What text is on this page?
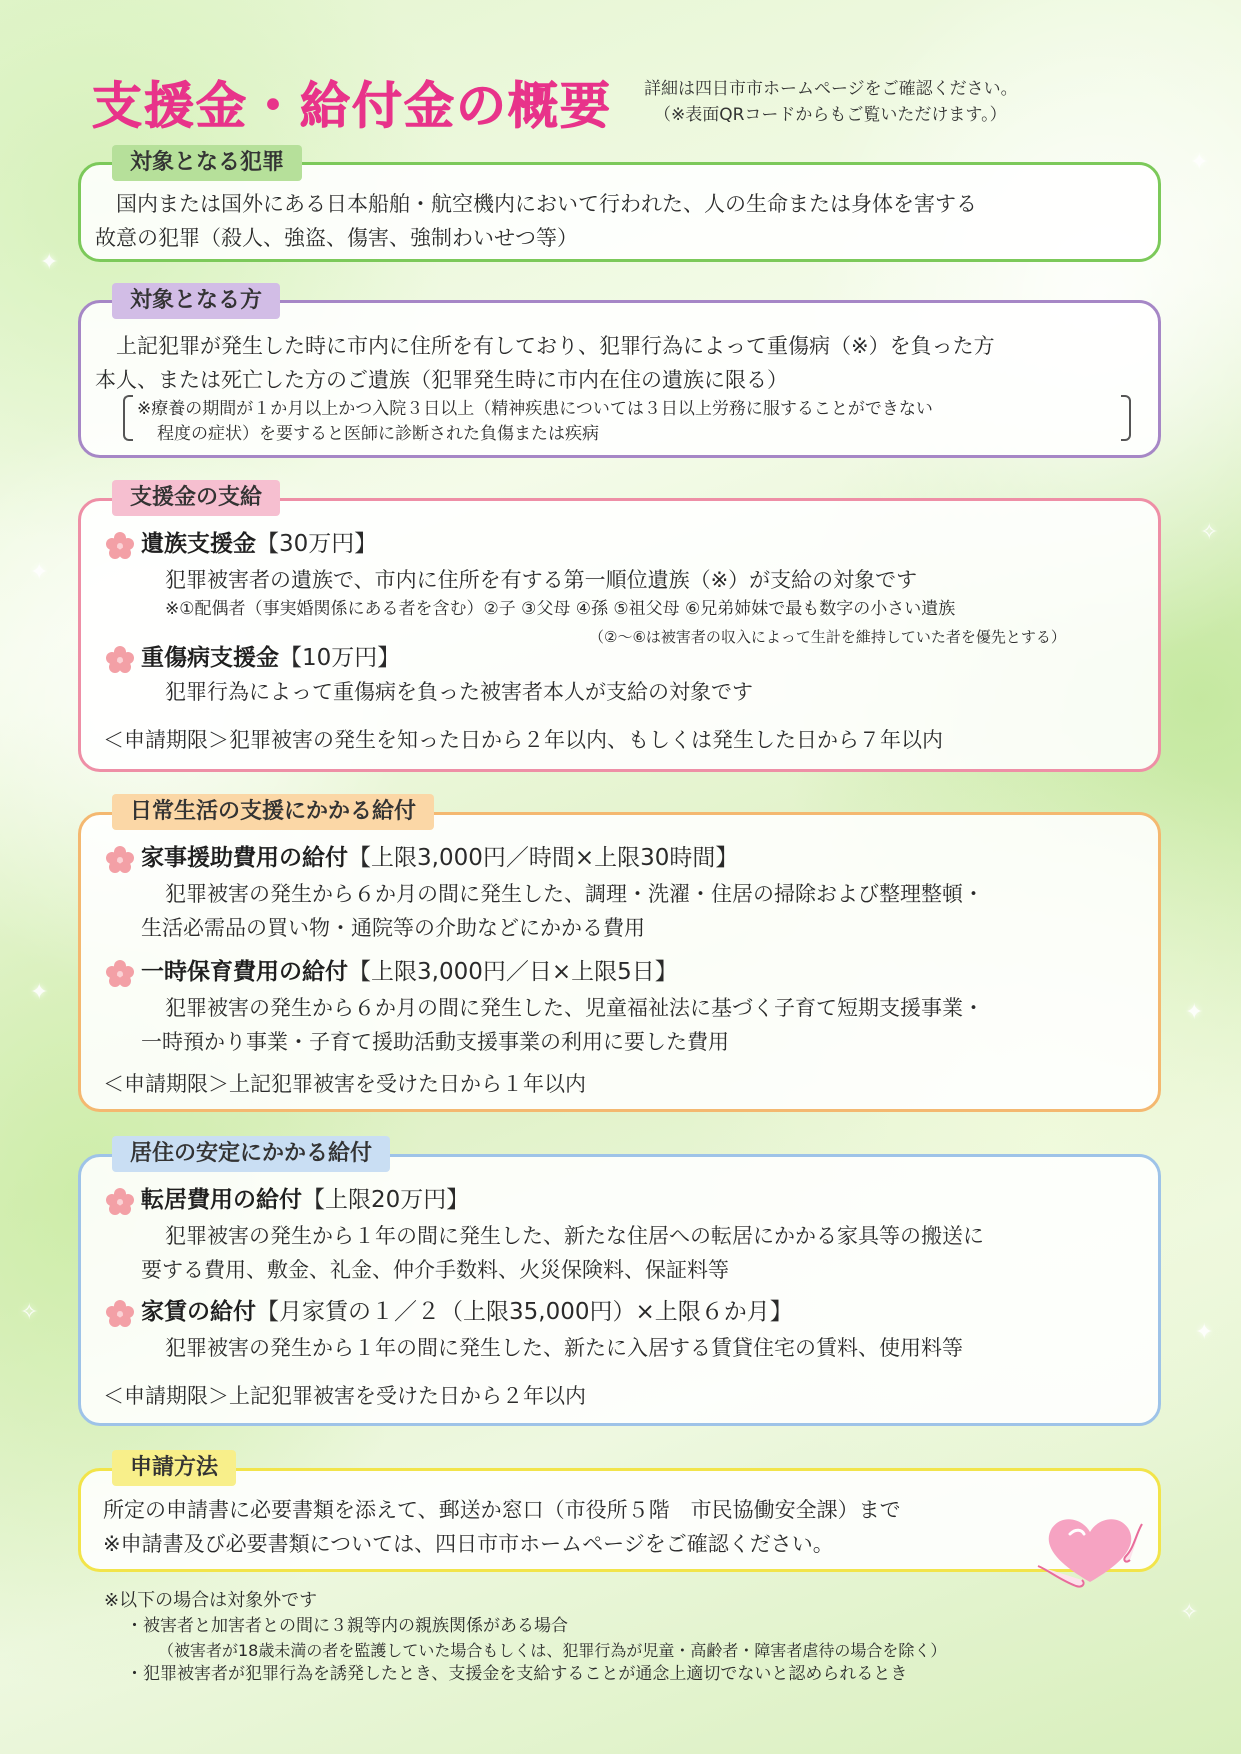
✦
✦
✧
✦
✦
✧
✦
✧
✦
支援金・給付金の概要 詳細は四日市市ホームページをご確認ください。
（※表面QRコードからもご覧いただけます。）
　国内または国外にある日本船舶・航空機内において行われた、人の生命または身体を害する
故意の犯罪（殺人、強盗、傷害、強制わいせつ等）
対象となる犯罪
　上記犯罪が発生した時に市内に住所を有しており、犯罪行為によって重傷病（※）を負った方
本人、または死亡した方のご遺族（犯罪発生時に市内在住の遺族に限る）
※療養の期間が１か月以上かつ入院３日以上（精神疾患については３日以上労務に服することができない
程度の症状）を要すると医師に診断された負傷または疾病
対象となる方
遺族支援金【30万円】
犯罪被害者の遺族で、市内に住所を有する第一順位遺族（※）が支給の対象です
※①配偶者（事実婚関係にある者を含む）②子 ③父母 ④孫 ⑤祖父母 ⑥兄弟姉妹で最も数字の小さい遺族
（②～⑥は被害者の収入によって生計を維持していた者を優先とする）
重傷病支援金【10万円】
犯罪行為によって重傷病を負った被害者本人が支給の対象です
＜申請期限＞犯罪被害の発生を知った日から２年以内、もしくは発生した日から７年以内
支援金の支給
家事援助費用の給付【上限3,000円／時間×上限30時間】
犯罪被害の発生から６か月の間に発生した、調理・洗濯・住居の掃除および整理整頓・
生活必需品の買い物・通院等の介助などにかかる費用
一時保育費用の給付【上限3,000円／日×上限5日】
犯罪被害の発生から６か月の間に発生した、児童福祉法に基づく子育て短期支援事業・
一時預かり事業・子育て援助活動支援事業の利用に要した費用
＜申請期限＞上記犯罪被害を受けた日から１年以内
日常生活の支援にかかる給付
転居費用の給付【上限20万円】
犯罪被害の発生から１年の間に発生した、新たな住居への転居にかかる家具等の搬送に
要する費用、敷金、礼金、仲介手数料、火災保険料、保証料等
家賃の給付【月家賃の１／２（上限35,000円）×上限６か月】
犯罪被害の発生から１年の間に発生した、新たに入居する賃貸住宅の賃料、使用料等
＜申請期限＞上記犯罪被害を受けた日から２年以内
居住の安定にかかる給付
所定の申請書に必要書類を添えて、郵送か窓口（市役所５階　市民協働安全課）まで
※申請書及び必要書類については、四日市市ホームページをご確認ください。
申請方法
※以下の場合は対象外です
・被害者と加害者との間に３親等内の親族関係がある場合
（被害者が18歳未満の者を監護していた場合もしくは、犯罪行為が児童・高齢者・障害者虐待の場合を除く）
・犯罪被害者が犯罪行為を誘発したとき、支援金を支給することが通念上適切でないと認められるとき
